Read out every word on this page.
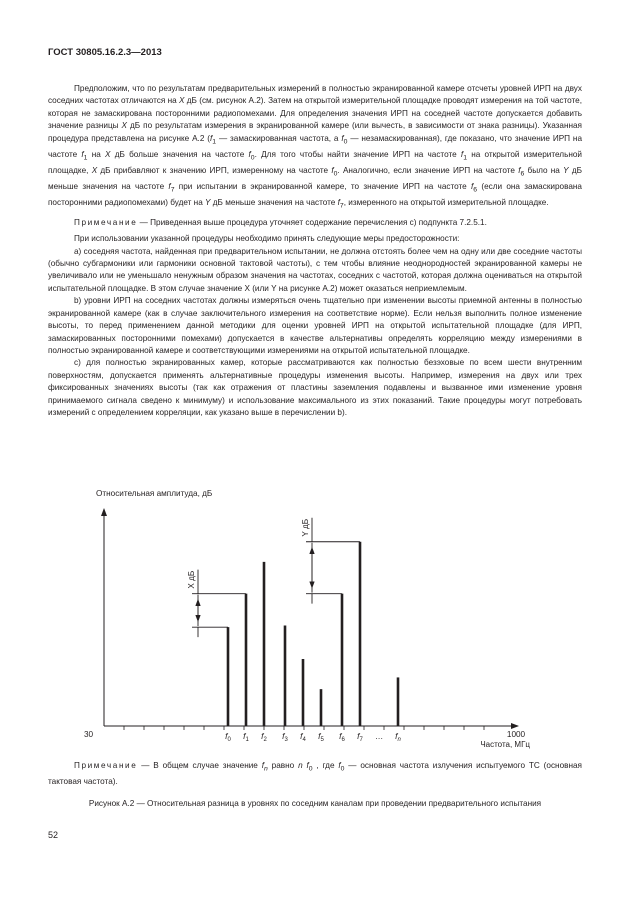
ГОСТ 30805.16.2.3—2013

Предположим, что по результатам предварительных измерений в полностью экранированной камере отсчеты уровней ИРП на двух соседних частотах отличаются на X дБ (см. рисунок А.2). Затем на открытой измерительной площадке проводят измерения на той частоте, которая не замаскирована посторонними радиопомехами. Для определения значения ИРП на соседней частоте допускается добавить значение разницы X дБ по результатам измерения в экранированной камере (или вычесть, в зависимости от знака разницы). Указанная процедура представлена на рисунке А.2 ($f_1$ — замаскированная частота, а $f_0$ — незамаскированная), где показано, что значение ИРП на частоте $f_1$ на X дБ больше значения на частоте $f_0$. Для того чтобы найти значение ИРП на частоте $f_1$ на открытой измерительной площадке, X дБ прибавляют к значению ИРП, измеренному на частоте $f_0$. Аналогично, если значение ИРП на частоте $f_6$ было на Y дБ меньше значения на частоте $f_7$ при испытании в экранированной камере, то значение ИРП на частоте $f_6$ (если она замаскирована посторонними радиопомехами) будет на Y дБ меньше значения на частоте $f_7$, измеренного на открытой измерительной площадке.

Примечание — Приведенная выше процедура уточняет содержание перечисления с) подпункта 7.2.5.1.

При использовании указанной процедуры необходимо принять следующие меры предосторожности:

a) соседняя частота, найденная при предварительном испытании, не должна отстоять более чем на одну или две соседние частоты (обычно субгармоники или гармоники основной тактовой частоты), с тем чтобы влияние неоднородностей экранированной камеры не увеличивало или не уменьшало ненужным образом значения на частотах, соседних с частотой, которая должна оцениваться на открытой испытательной площадке. В этом случае значение X (или Y на рисунке А.2) может оказаться неприемлемым.

b) уровни ИРП на соседних частотах должны измеряться очень тщательно при изменении высоты приемной антенны в полностью экранированной камере (как в случае заключительного измерения на соответствие норме). Если нельзя выполнить полное изменение высоты, то перед применением данной методики для оценки уровней ИРП на открытой испытательной площадке (для ИРП, замаскированных посторонними помехами) допускается в качестве альтернативы определять корреляцию между измерениями в полностью экранированной камере и соответствующими измерениями на открытой испытательной площадке.

c) для полностью экранированных камер, которые рассматриваются как полностью безэховые по всем шести внутренним поверхностям, допускается применять альтернативные процедуры изменения высоты. Например, измерения на двух или трех фиксированных значениях высоты (так как отражения от пластины заземления подавлены и вызванное ими изменение уровня принимаемого сигнала сведено к минимуму) и использование максимального из этих показаний. Такие процедуры могут потребовать измерений с определением корреляции, как указано выше в перечислении b).

Относительная амплитуда, дБ
Частота, МГц
30	1000
$f_0$ $f_1$ $f_2$ $f_3$ $f_4$ $f_5$ $f_6$ $f_7$ … $f_n$
X дБ
Y дБ
Примечание — В общем случае значение $f_n$ равно n $f_0$ , где $f_0$ — основная частота излучения испытуемого ТС (основная тактовая частота).
Рисунок А.2 — Относительная разница в уровнях по соседним каналам при проведении предварительного испытания
52
